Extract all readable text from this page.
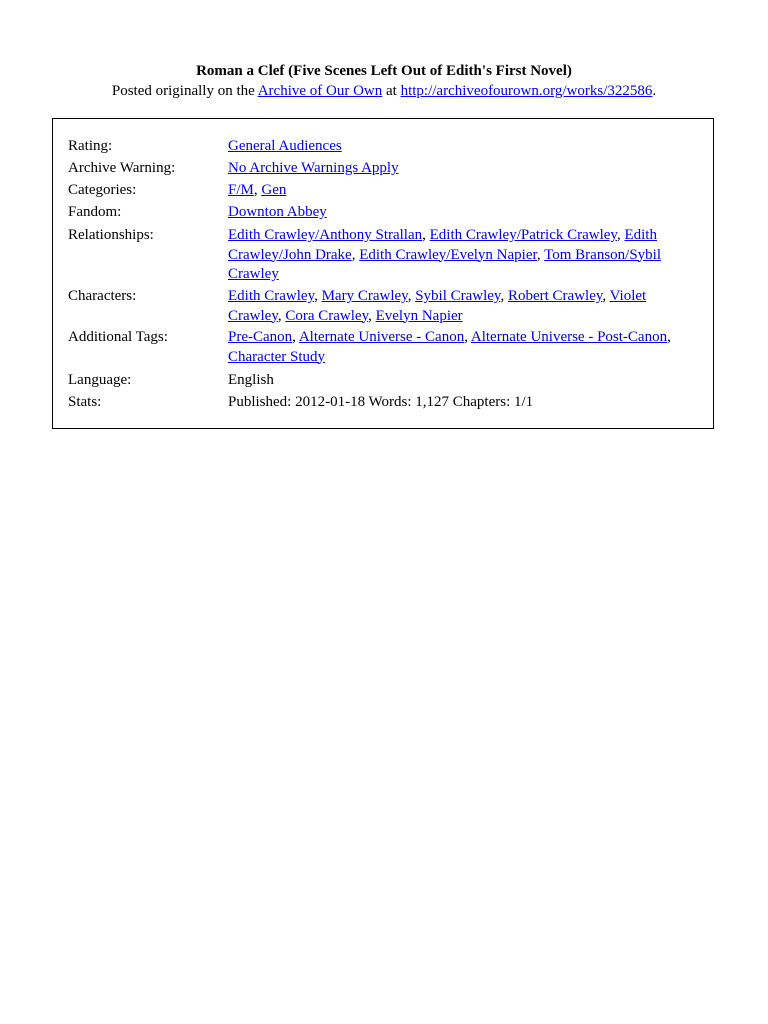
Roman a Clef (Five Scenes Left Out of Edith's First Novel)
Posted originally on the Archive of Our Own at http://archiveofourown.org/works/322586.
Rating:	General Audiences
Archive Warning:	No Archive Warnings Apply
Categories:	F/M, Gen
Fandom:	Downton Abbey
Relationships:	Edith Crawley/Anthony Strallan, Edith Crawley/Patrick Crawley, Edith Crawley/John Drake, Edith Crawley/Evelyn Napier, Tom Branson/Sybil Crawley
Characters:	Edith Crawley, Mary Crawley, Sybil Crawley, Robert Crawley, Violet Crawley, Cora Crawley, Evelyn Napier
Additional Tags:	Pre-Canon, Alternate Universe - Canon, Alternate Universe - Post-Canon, Character Study
Language:	English
Stats:	Published: 2012-01-18 Words: 1,127 Chapters: 1/1
